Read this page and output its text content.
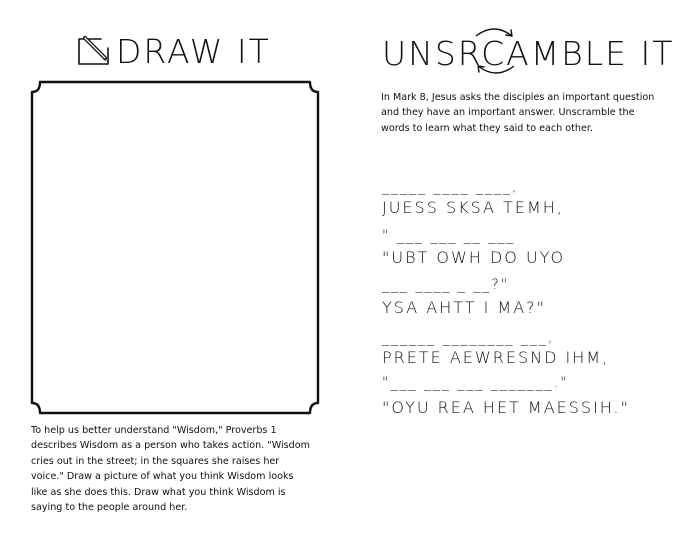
DRAW IT
To help us better understand "Wisdom," Proverbs 1 describes Wisdom as a person who takes action. "Wisdom cries out in the street; in the squares she raises her voice." Draw a picture of what you think Wisdom looks like as she does this. Draw what you think Wisdom is saying to the people around her.
UNSRCAMBLE IT
In Mark 8, Jesus asks the disciples an important question and they have an important answer. Unscramble the words to learn what they said to each other.
_____ ____ ____,
JUESS SKSA TEMH,
" ___ ___ __ ___
"UBT OWH DO UYO
___ ____ _ __?"
YSA AHTT I MA?"
______ ________ ___,
PRETE AEWRESND IHM,
"___ ___ ___ _______."
"OYU REA HET MAESSIH."
